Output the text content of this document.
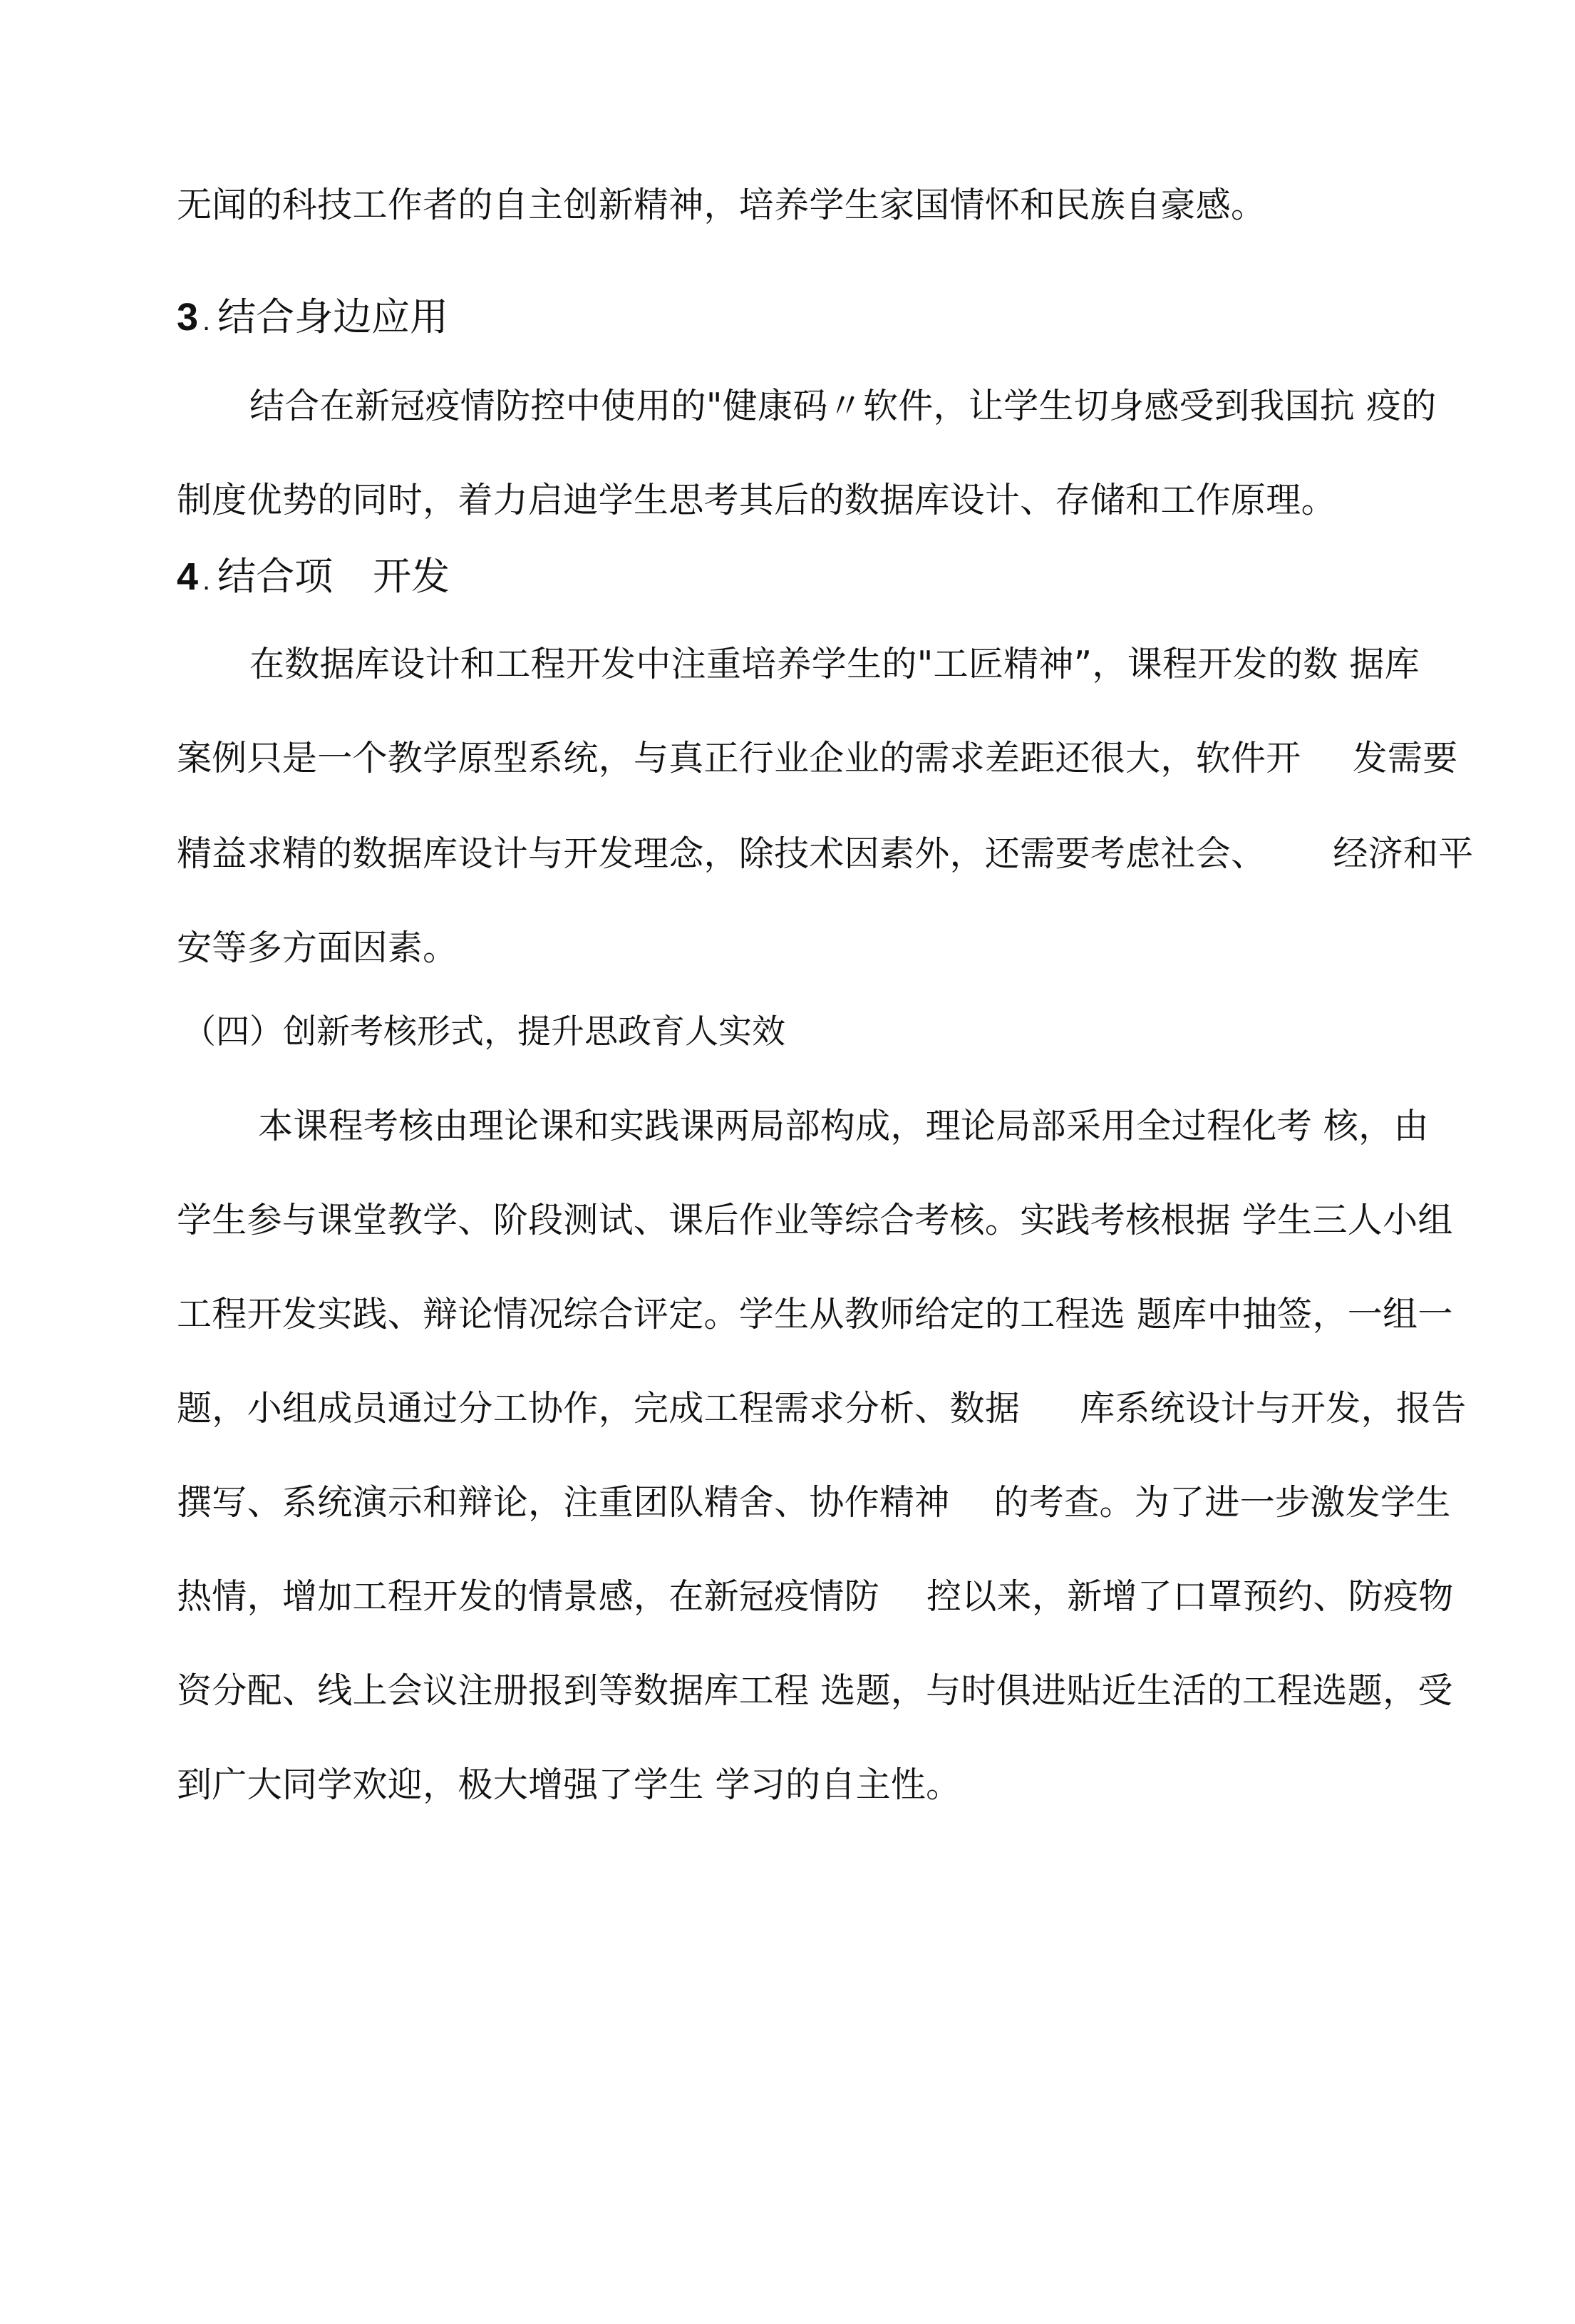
无闻的科技工作者的自主创新精神，培养学生家国情怀和民族自豪感。
3 . 结合身边应用
结合在新冠疫情防控中使用的"健康码〃软件，让学生切身感受到我国抗 疫的
制度优势的同时，着力启迪学生思考其后的数据库设计、存储和工作原理。
4 . 结合项 开发
在数据库设计和工程开发中注重培养学生的"工匠精神”，课程开发的数 据库
案例只是一个教学原型系统，与真正行业企业的需求差距还很大，软件开 发需要
精益求精的数据库设计与开发理念，除技术因素外，还需要考虑社会、 经济和平
安等多方面因素。
（四）创新考核形式，提升思政育人实效
本课程考核由理论课和实践课两局部构成，理论局部采用全过程化考 核，由
学生参与课堂教学、阶段测试、课后作业等综合考核。实践考核根据 学生三人小组
工程开发实践、辩论情况综合评定。学生从教师给定的工程选 题库中抽签，一组一
题，小组成员通过分工协作，完成工程需求分析、数据 库系统设计与开发，报告
撰写、系统演示和辩论，注重团队精舍、协作精神 的考查。为了进一步激发学生
热情，增加工程开发的情景感，在新冠疫情防 控以来，新增了口罩预约、防疫物
资分配、线上会议注册报到等数据库工程 选题，与时俱进贴近生活的工程选题，受
到广大同学欢迎，极大增强了学生 学习的自主性。
